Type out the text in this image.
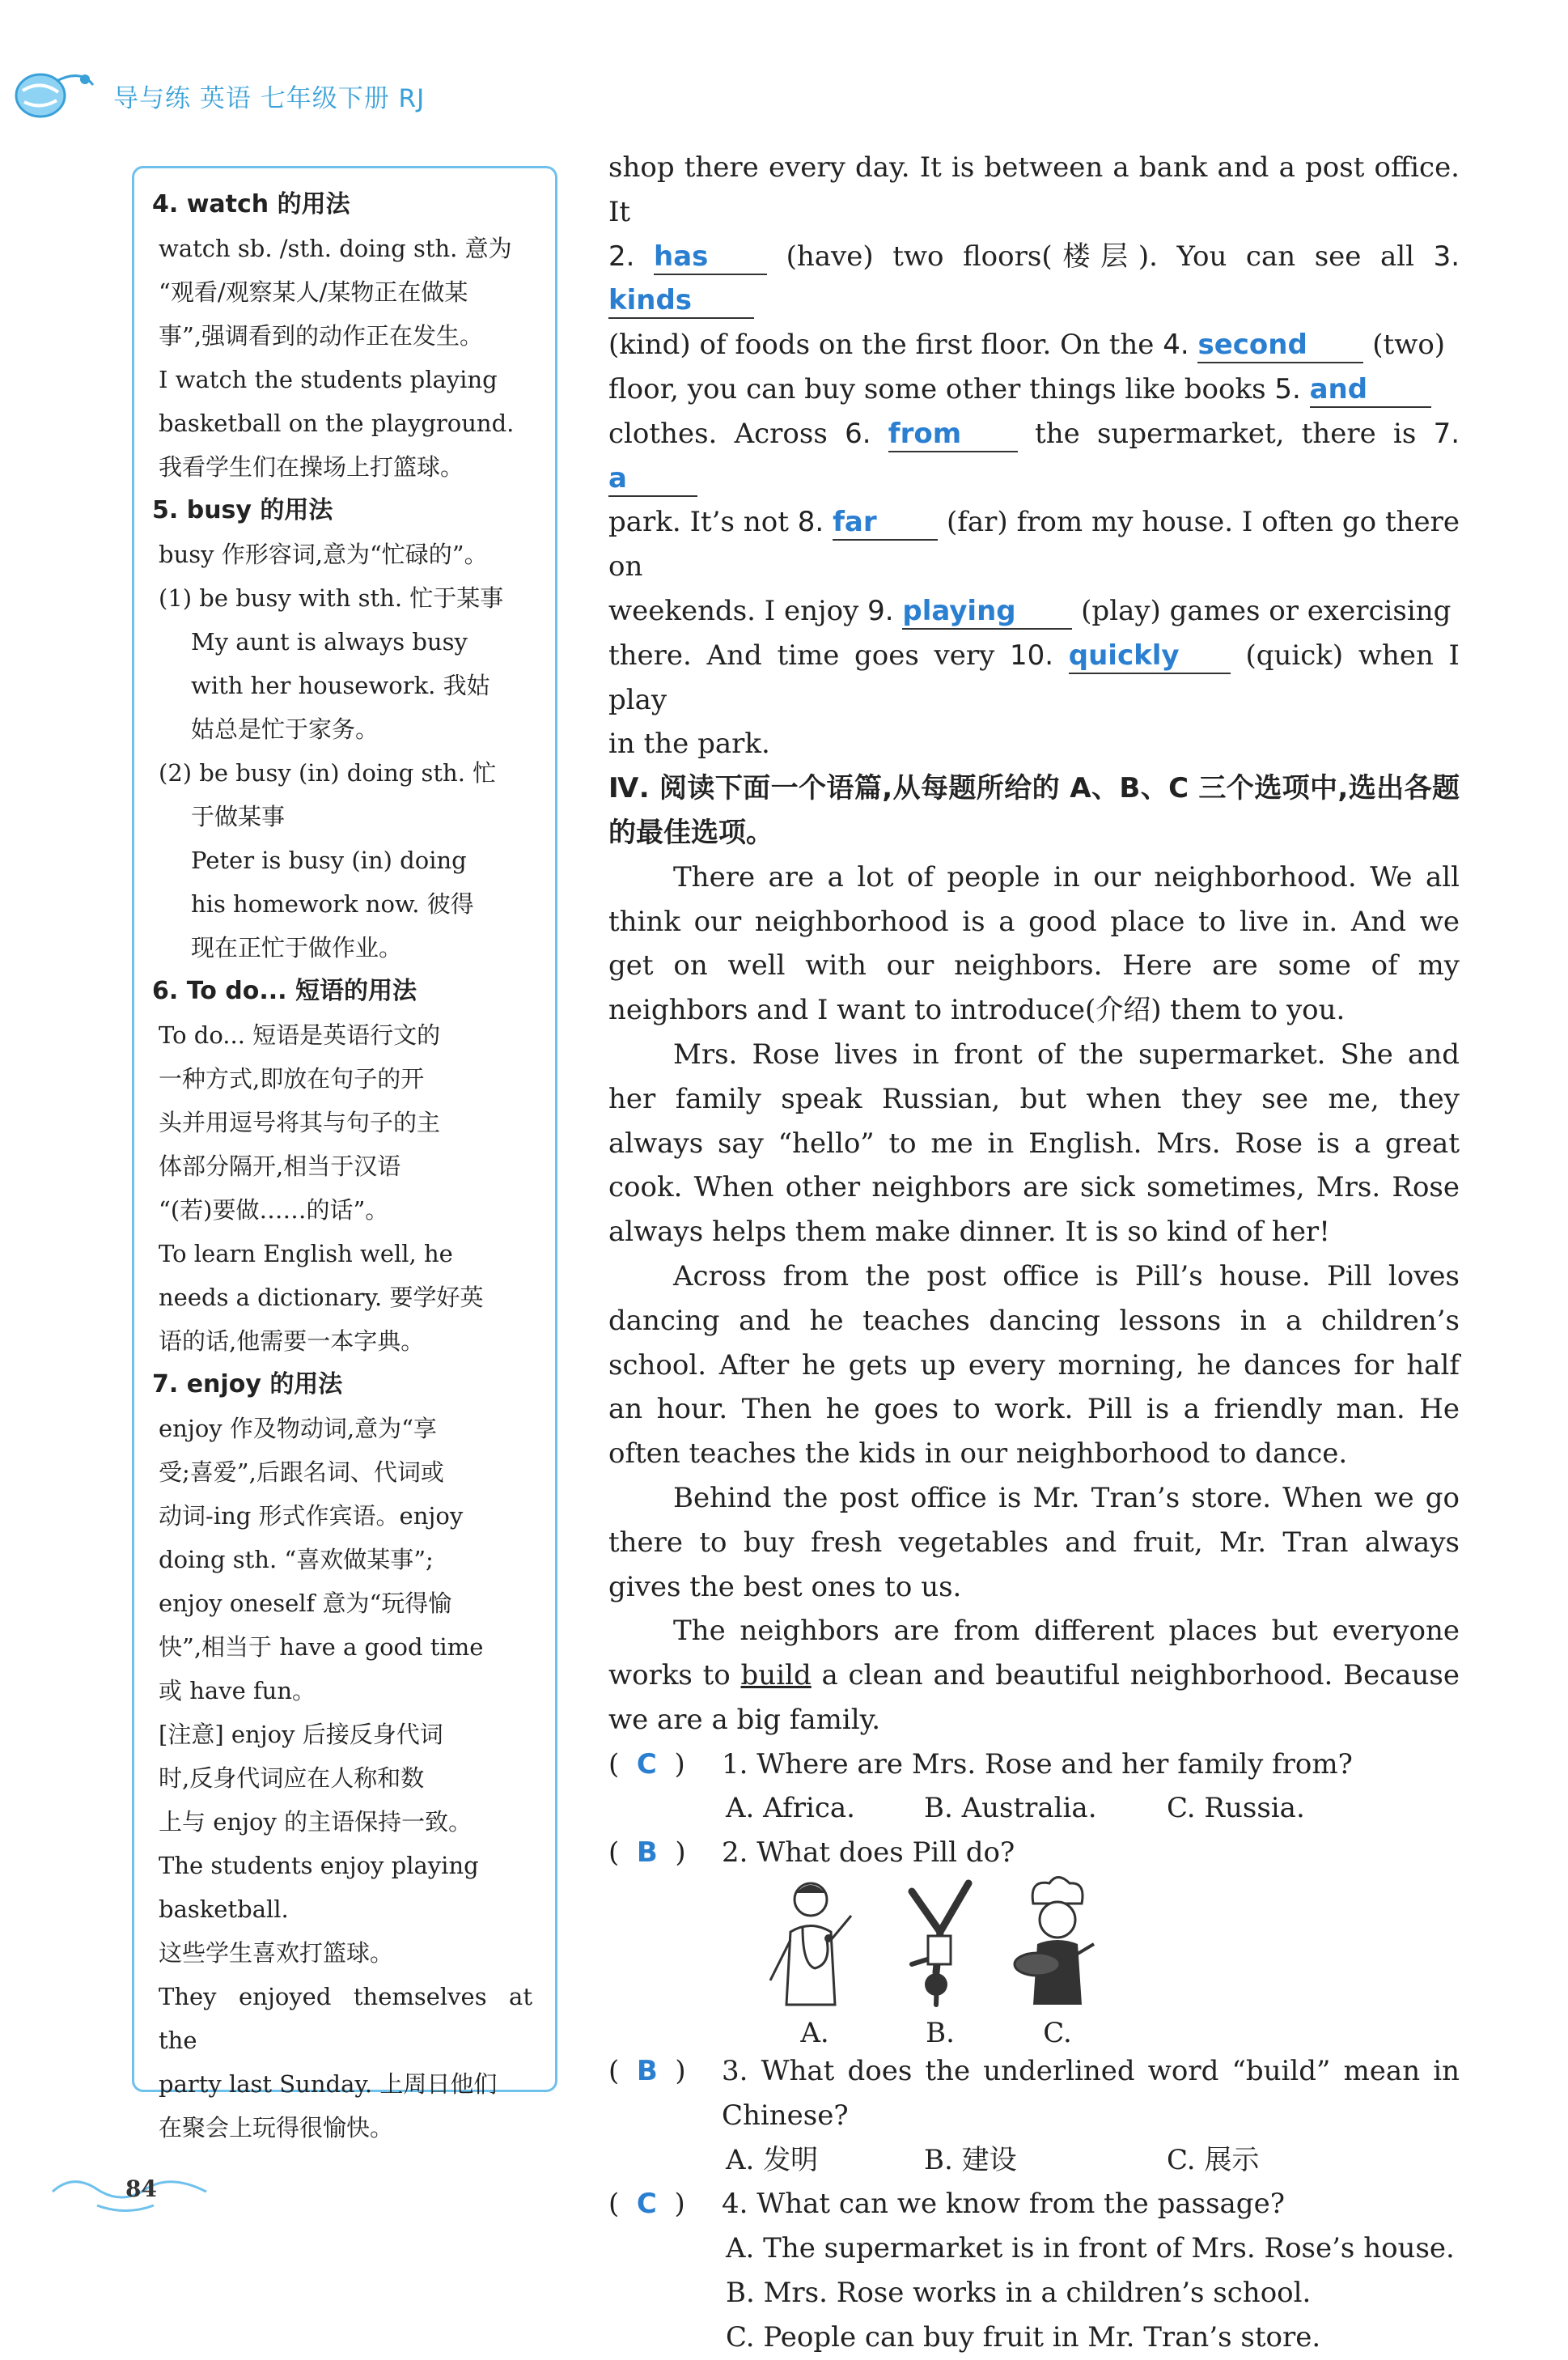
导与练 英语 七年级下册 RJ
4. watch 的用法
watch sb. /sth. doing sth. 意为
“观看/观察某人/某物正在做某
事”,强调看到的动作正在发生。
I watch the students playing
basketball on the playground.
我看学生们在操场上打篮球。
5. busy 的用法
busy 作形容词,意为“忙碌的”。
(1) be busy with sth. 忙于某事
My aunt is always busy
with her housework. 我姑
姑总是忙于家务。
(2) be busy (in) doing sth. 忙
于做某事
Peter is busy (in) doing
his homework now. 彼得
现在正忙于做作业。
6. To do... 短语的用法
To do... 短语是英语行文的
一种方式,即放在句子的开
头并用逗号将其与句子的主
体部分隔开,相当于汉语
“(若)要做……的话”。
To learn English well, he
needs a dictionary. 要学好英
语的话,他需要一本字典。
7. enjoy 的用法
enjoy 作及物动词,意为“享
受;喜爱”,后跟名词、代词或
动词-ing 形式作宾语。enjoy
doing sth. “喜欢做某事”;
enjoy oneself 意为“玩得愉
快”,相当于 have a good time
或 have fun。
[注意] enjoy 后接反身代词
时,反身代词应在人称和数
上与 enjoy 的主语保持一致。
The students enjoy playing
basketball.
这些学生喜欢打篮球。
They enjoyed themselves at the
party last Sunday. 上周日他们
在聚会上玩得很愉快。
shop there every day. It is between a bank and a post office. It
2. has	(have) two floors(楼层). You can see all 3. kinds
(kind) of foods on the first floor. On the 4. second (two)
floor, you can buy some other things like books 5. and
clothes. Across 6. from	the supermarket, there is 7. a
park. It’s not 8. far	(far) from my house. I often go there on
weekends. I enjoy 9. playing (play) games or exercising
there. And time goes very 10. quickly (quick) when I play
in the park.
Ⅳ. 阅读下面一个语篇,从每题所给的 A、B、C 三个选项中,选出各题的最佳选项。

There are a lot of people in our neighborhood. We all think our neighborhood is a good place to live in. And we get on well with our neighbors. Here are some of my neighbors and I want to introduce(介绍) them to you.

Mrs. Rose lives in front of the supermarket. She and her family speak Russian, but when they see me, they always say “hello” to me in English. Mrs. Rose is a great cook. When other neighbors are sick sometimes, Mrs. Rose always helps them make dinner. It is so kind of her!

Across from the post office is Pill’s house. Pill loves dancing and he teaches dancing lessons in a children’s school. After he gets up every morning, he dances for half an hour. Then he goes to work. Pill is a friendly man. He often teaches the kids in our neighborhood to dance.

Behind the post office is Mr. Tran’s store. When we go there to buy fresh vegetables and fruit, Mr. Tran always gives the best ones to us.

The neighbors are from different places but everyone works to build a clean and beautiful neighborhood. Because we are a big family.

(  C  )	1. Where are Mrs. Rose and her family from?
A. Africa.	B. Australia.	C. Russia.
(  B  )	2. What does Pill do?
A.	B.	C.
(  B  )	3. What does the underlined word “build” mean in Chinese?
A. 发明	B. 建设	C. 展示
(  C  )	4. What can we know from the passage?
A. The supermarket is in front of Mrs. Rose’s house.
B. Mrs. Rose works in a children’s school.
C. People can buy fruit in Mr. Tran’s store.
84
